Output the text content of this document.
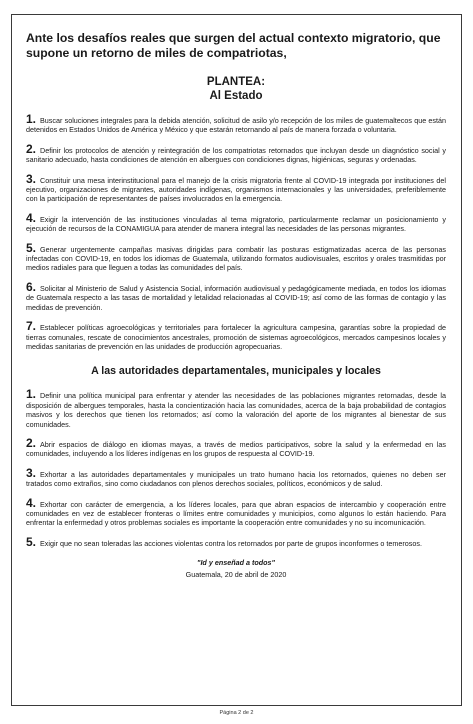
Ante los desafíos reales que surgen del actual contexto migratorio, que supone un retorno de miles de compatriotas,

PLANTEA:

Al Estado

1. Buscar soluciones integrales para la debida atención, solicitud de asilo y/o recepción de los miles de guatemaltecos que están detenidos en Estados Unidos de América y México y que estarán retornando al país de manera forzada o voluntaria.

2. Definir los protocolos de atención y reintegración de los compatriotas retornados que incluyan desde un diagnóstico social y sanitario adecuado, hasta condiciones de atención en albergues con condiciones dignas, higiénicas, seguras y ordenadas.

3. Constituir una mesa interinstitucional para el manejo de la crisis migratoria frente al COVID-19 integrada por instituciones del ejecutivo, organizaciones de migrantes, autoridades indígenas, organismos internacionales y las universidades, preferiblemente con la participación de representantes de países involucrados en la emergencia.

4. Exigir la intervención de las instituciones vinculadas al tema migratorio, particularmente reclamar un posicionamiento y ejecución de recursos de la CONAMIGUA para atender de manera integral las necesidades de las personas migrantes.

5. Generar urgentemente campañas masivas dirigidas para combatir las posturas estigmatizadas acerca de las personas infectadas con COVID-19, en todos los idiomas de Guatemala, utilizando formatos audiovisuales, escritos y orales trasmitidas por medios radiales para que lleguen a todas las comunidades del país.

6. Solicitar al Ministerio de Salud y Asistencia Social, información audiovisual y pedagógicamente mediada, en todos los idiomas de Guatemala respecto a las tasas de mortalidad y letalidad relacionadas al COVID-19; así como de las formas de contagio y las medidas de prevención.

7. Establecer políticas agroecológicas y territoriales para fortalecer la agricultura campesina, garantías sobre la propiedad de tierras comunales, rescate de conocimientos ancestrales, promoción de sistemas agroecológicos, mercados campesinos locales y medidas sanitarias de prevención en las unidades de producción agropecuarias.

A las autoridades departamentales, municipales y locales

1. Definir una política municipal para enfrentar y atender las necesidades de las poblaciones migrantes retornadas, desde la disposición de albergues temporales, hasta la concientización hacia las comunidades, acerca de la baja probabilidad de contagios masivos y los derechos que tienen los retornados; así como la valoración del aporte de los migrantes al bienestar de sus comunidades.

2. Abrir espacios de diálogo en idiomas mayas, a través de medios participativos, sobre la salud y la enfermedad en las comunidades, incluyendo a los líderes indígenas en los grupos de respuesta al COVID-19.

3. Exhortar a las autoridades departamentales y municipales un trato humano hacia los retornados, quienes no deben ser tratados como extraños, sino como ciudadanos con plenos derechos sociales, políticos, económicos y de salud.

4. Exhortar con carácter de emergencia, a los líderes locales, para que abran espacios de intercambio y cooperación entre comunidades en vez de establecer fronteras o límites entre comunidades y municipios, como algunos lo están haciendo. Para enfrentar la enfermedad y otros problemas sociales es importante la cooperación entre comunidades y no su incomunicación.

5. Exigir que no sean toleradas las acciones violentas contra los retornados por parte de grupos inconformes o temerosos.

"Id y enseñad a todos"

Guatemala, 20 de abril de 2020

Página 2 de 2
